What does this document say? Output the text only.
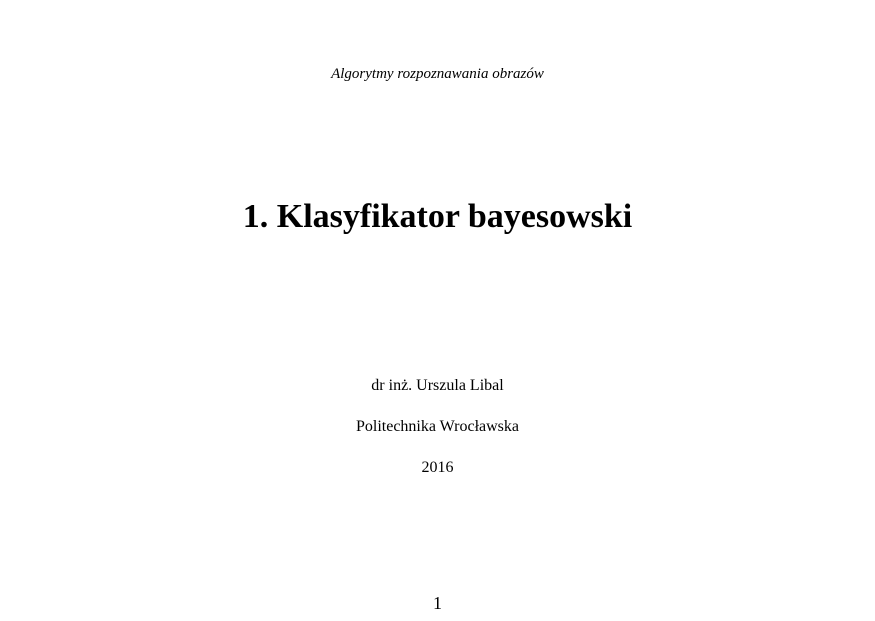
Algorytmy rozpoznawania obrazów

1. Klasyfikator bayesowski

dr inż. Urszula Libal

Politechnika Wrocławska

2016

1
